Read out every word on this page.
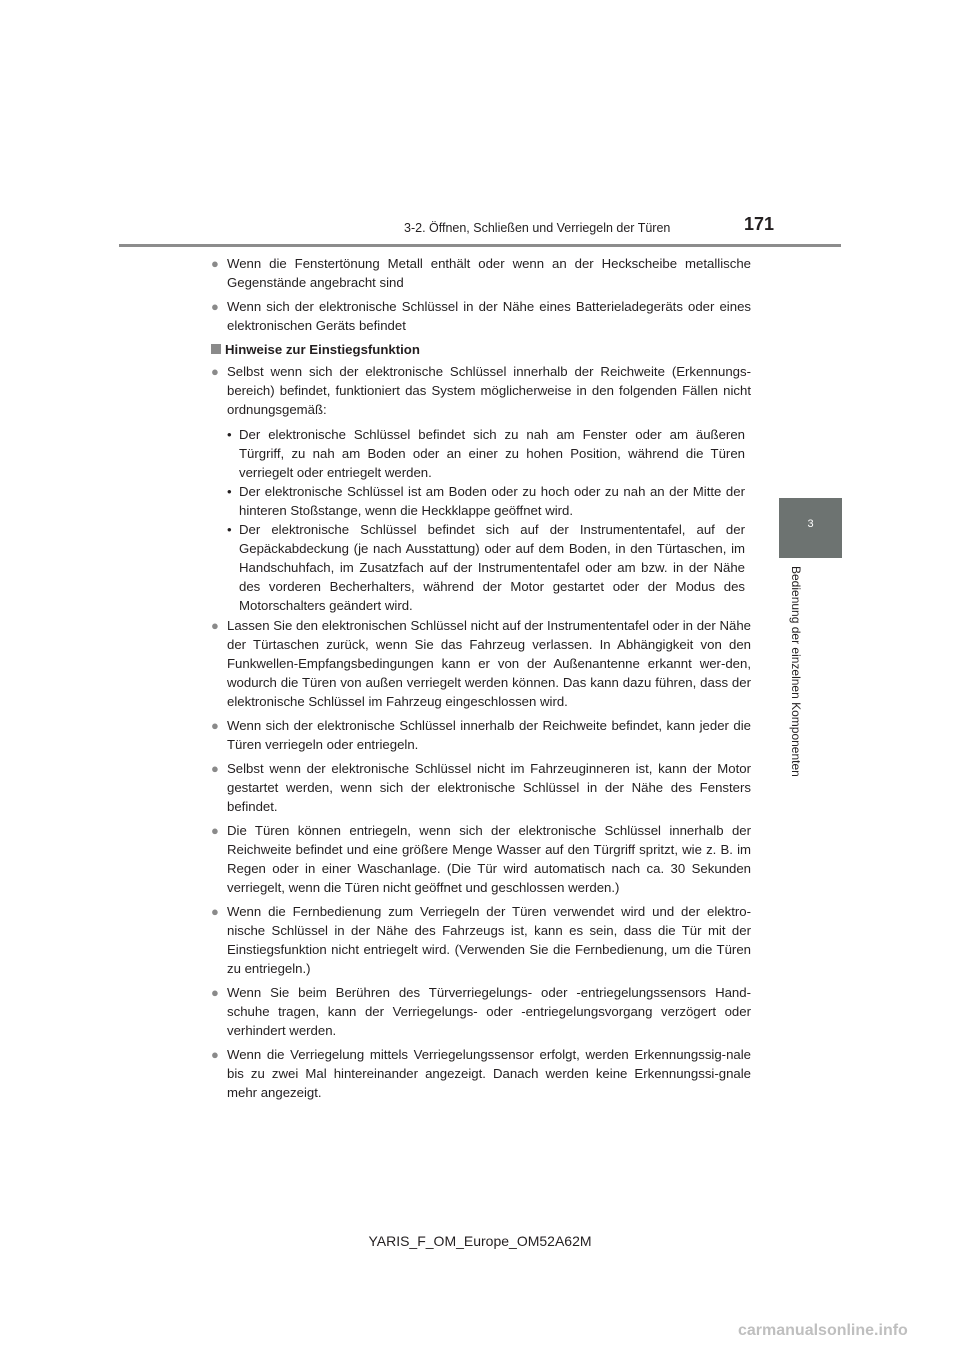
3-2. Öffnen, Schließen und Verriegeln der Türen	171
3
Bedienung der einzelnen Komponenten
● Wenn die Fenstertönung Metall enthält oder wenn an der Heckscheibe metallische Gegenstände angebracht sind
● Wenn sich der elektronische Schlüssel in der Nähe eines Batterieladegeräts oder eines elektronischen Geräts befindet
Hinweise zur Einstiegsfunktion
● Selbst wenn sich der elektronische Schlüssel innerhalb der Reichweite (Erkennungs-bereich) befindet, funktioniert das System möglicherweise in den folgenden Fällen nicht ordnungsgemäß:
• Der elektronische Schlüssel befindet sich zu nah am Fenster oder am äußeren Türgriff, zu nah am Boden oder an einer zu hohen Position, während die Türen verriegelt oder entriegelt werden.
• Der elektronische Schlüssel ist am Boden oder zu hoch oder zu nah an der Mitte der hinteren Stoßstange, wenn die Heckklappe geöffnet wird.
• Der elektronische Schlüssel befindet sich auf der Instrumententafel, auf der Gepäckabdeckung (je nach Ausstattung) oder auf dem Boden, in den Türtaschen, im Handschuhfach, im Zusatzfach auf der Instrumententafel oder am bzw. in der Nähe des vorderen Becherhalters, während der Motor gestartet oder der Modus des Motorschalters geändert wird.
● Lassen Sie den elektronischen Schlüssel nicht auf der Instrumententafel oder in der Nähe der Türtaschen zurück, wenn Sie das Fahrzeug verlassen. In Abhängigkeit von den Funkwellen-Empfangsbedingungen kann er von der Außenantenne erkannt wer-den, wodurch die Türen von außen verriegelt werden können. Das kann dazu führen, dass der elektronische Schlüssel im Fahrzeug eingeschlossen wird.
● Wenn sich der elektronische Schlüssel innerhalb der Reichweite befindet, kann jeder die Türen verriegeln oder entriegeln.
● Selbst wenn der elektronische Schlüssel nicht im Fahrzeuginneren ist, kann der Motor gestartet werden, wenn sich der elektronische Schlüssel in der Nähe des Fensters befindet.
● Die Türen können entriegeln, wenn sich der elektronische Schlüssel innerhalb der Reichweite befindet und eine größere Menge Wasser auf den Türgriff spritzt, wie z. B. im Regen oder in einer Waschanlage. (Die Tür wird automatisch nach ca. 30 Sekunden verriegelt, wenn die Türen nicht geöffnet und geschlossen werden.)
● Wenn die Fernbedienung zum Verriegeln der Türen verwendet wird und der elektro-nische Schlüssel in der Nähe des Fahrzeugs ist, kann es sein, dass die Tür mit der Einstiegsfunktion nicht entriegelt wird. (Verwenden Sie die Fernbedienung, um die Türen zu entriegeln.)
● Wenn Sie beim Berühren des Türverriegelungs- oder -entriegelungssensors Hand-schuhe tragen, kann der Verriegelungs- oder -entriegelungsvorgang verzögert oder verhindert werden.
● Wenn die Verriegelung mittels Verriegelungssensor erfolgt, werden Erkennungssig-nale bis zu zwei Mal hintereinander angezeigt. Danach werden keine Erkennungssi-gnale mehr angezeigt.
YARIS_F_OM_Europe_OM52A62M
carmanualsonline.info
